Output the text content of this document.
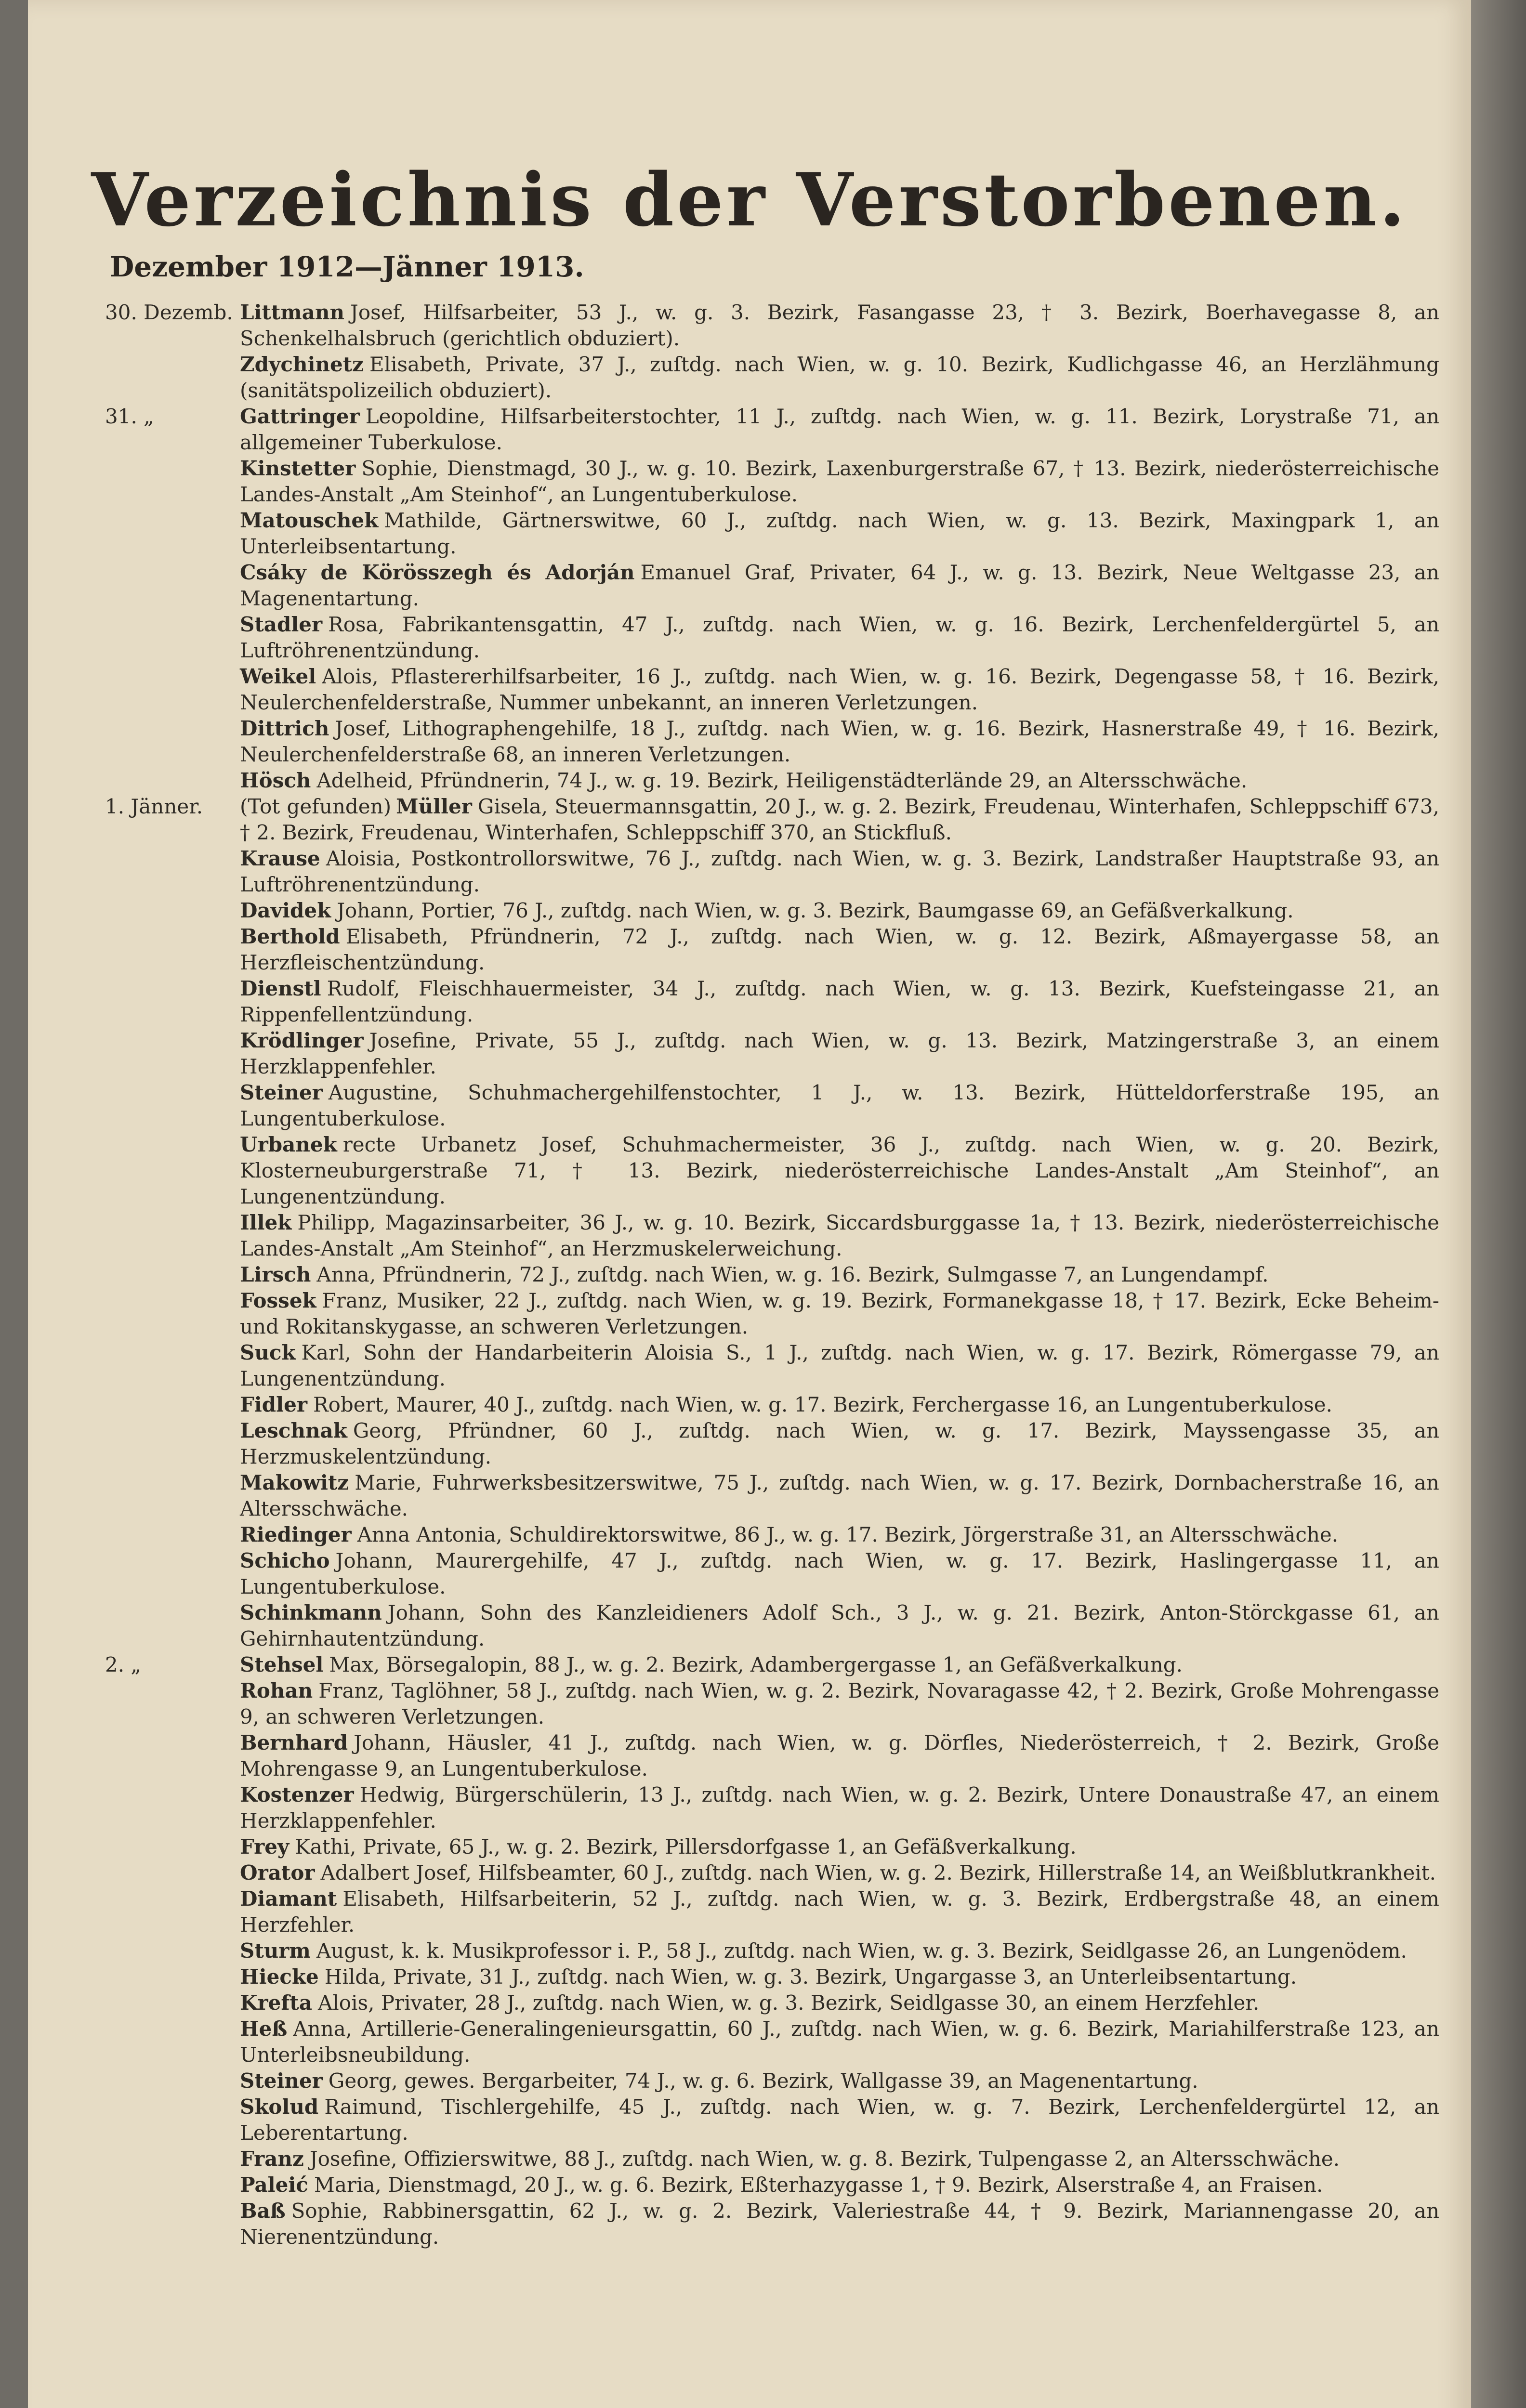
Verzeichnis der Verstorbenen.
Dezember 1912—Jänner 1913.
30. Dezemb. Littmann Josef, Hilfsarbeiter, 53 J., w. g. 3. Bezirk, Fasangasse 23, † 3. Bezirk, Boerhavegasse 8, an Schenkelhalsbruch (gerichtlich obduziert).
Zdychinetz Elisabeth, Private, 37 J., zuſtdg. nach Wien, w. g. 10. Bezirk, Kudlichgasse 46, an Herzlähmung (sanitätspolizeilich obduziert).
31. „	Gattringer Leopoldine, Hilfsarbeiterstochter, 11 J., zuſtdg. nach Wien, w. g. 11. Bezirk, Lorystraße 71, an allgemeiner Tuberkulose.
Kinstetter Sophie, Dienstmagd, 30 J., w. g. 10. Bezirk, Laxenburgerstraße 67, † 13. Bezirk, niederösterreichische Landes-Anstalt „Am Steinhof“, an Lungentuberkulose.
Matouschek Mathilde, Gärtnerswitwe, 60 J., zuſtdg. nach Wien, w. g. 13. Bezirk, Maxingpark 1, an Unterleibsentartung.
Csáky de Körösszegh és Adorján Emanuel Graf, Privater, 64 J., w. g. 13. Bezirk, Neue Weltgasse 23, an Magenentartung.
Stadler Rosa, Fabrikantensgattin, 47 J., zuſtdg. nach Wien, w. g. 16. Bezirk, Lerchenfeldergürtel 5, an Luftröhrenentzündung.
Weikel Alois, Pflastererhilfsarbeiter, 16 J., zuſtdg. nach Wien, w. g. 16. Bezirk, Degengasse 58, † 16. Bezirk, Neulerchenfelderstraße, Nummer unbekannt, an inneren Verletzungen.
Dittrich Josef, Lithographengehilfe, 18 J., zuſtdg. nach Wien, w. g. 16. Bezirk, Hasnerstraße 49, † 16. Bezirk, Neulerchenfelderstraße 68, an inneren Verletzungen.
Hösch Adelheid, Pfründnerin, 74 J., w. g. 19. Bezirk, Heiligenstädterlände 29, an Altersschwäche.
1. Jänner. (Tot gefunden) Müller Gisela, Steuermannsgattin, 20 J., w. g. 2. Bezirk, Freudenau, Winterhafen, Schleppschiff 673, † 2. Bezirk, Freudenau, Winterhafen, Schleppschiff 370, an Stickfluß.
Krause Aloisia, Postkontrollorswitwe, 76 J., zuſtdg. nach Wien, w. g. 3. Bezirk, Landstraßer Hauptstraße 93, an Luftröhrenentzündung.
Davidek Johann, Portier, 76 J., zuſtdg. nach Wien, w. g. 3. Bezirk, Baumgasse 69, an Gefäßverkalkung.
Berthold Elisabeth, Pfründnerin, 72 J., zuſtdg. nach Wien, w. g. 12. Bezirk, Aßmayergasse 58, an Herzfleischentzündung.
Dienstl Rudolf, Fleischhauermeister, 34 J., zuſtdg. nach Wien, w. g. 13. Bezirk, Kuefsteingasse 21, an Rippenfellentzündung.
Krödlinger Josefine, Private, 55 J., zuſtdg. nach Wien, w. g. 13. Bezirk, Matzingerstraße 3, an einem Herzklappenfehler.
Steiner Augustine, Schuhmachergehilfenstochter, 1 J., w. 13. Bezirk, Hütteldorferstraße 195, an Lungentuberkulose.
Urbanek recte Urbanetz Josef, Schuhmachermeister, 36 J., zuſtdg. nach Wien, w. g. 20. Bezirk, Klosterneuburgerstraße 71, † 13. Bezirk, niederösterreichische Landes-Anstalt „Am Steinhof“, an Lungenentzündung.
Illek Philipp, Magazinsarbeiter, 36 J., w. g. 10. Bezirk, Siccardsburggasse 1a, † 13. Bezirk, niederösterreichische Landes-Anstalt „Am Steinhof“, an Herzmuskelerweichung.
Lirsch Anna, Pfründnerin, 72 J., zuſtdg. nach Wien, w. g. 16. Bezirk, Sulmgasse 7, an Lungendampf.
Fossek Franz, Musiker, 22 J., zuſtdg. nach Wien, w. g. 19. Bezirk, Formanekgasse 18, † 17. Bezirk, Ecke Beheim- und Rokitanskygasse, an schweren Verletzungen.
Suck Karl, Sohn der Handarbeiterin Aloisia S., 1 J., zuſtdg. nach Wien, w. g. 17. Bezirk, Römergasse 79, an Lungenentzündung.
Fidler Robert, Maurer, 40 J., zuſtdg. nach Wien, w. g. 17. Bezirk, Ferchergasse 16, an Lungentuberkulose.
Leschnak Georg, Pfründner, 60 J., zuſtdg. nach Wien, w. g. 17. Bezirk, Mayssengasse 35, an Herzmuskelentzündung.
Makowitz Marie, Fuhrwerksbesitzerswitwe, 75 J., zuſtdg. nach Wien, w. g. 17. Bezirk, Dornbacherstraße 16, an Altersschwäche.
Riedinger Anna Antonia, Schuldirektorswitwe, 86 J., w. g. 17. Bezirk, Jörgerstraße 31, an Altersschwäche.
Schicho Johann, Maurergehilfe, 47 J., zuſtdg. nach Wien, w. g. 17. Bezirk, Haslingergasse 11, an Lungentuberkulose.
Schinkmann Johann, Sohn des Kanzleidieners Adolf Sch., 3 J., w. g. 21. Bezirk, Anton-Störckgasse 61, an Gehirnhautentzündung.
2. „	Stehsel Max, Börsegalopin, 88 J., w. g. 2. Bezirk, Adambergergasse 1, an Gefäßverkalkung.
Rohan Franz, Taglöhner, 58 J., zuſtdg. nach Wien, w. g. 2. Bezirk, Novaragasse 42, † 2. Bezirk, Große Mohrengasse 9, an schweren Verletzungen.
Bernhard Johann, Häusler, 41 J., zuſtdg. nach Wien, w. g. Dörfles, Niederösterreich, † 2. Bezirk, Große Mohrengasse 9, an Lungentuberkulose.
Kostenzer Hedwig, Bürgerschülerin, 13 J., zuſtdg. nach Wien, w. g. 2. Bezirk, Untere Donaustraße 47, an einem Herzklappenfehler.
Frey Kathi, Private, 65 J., w. g. 2. Bezirk, Pillersdorfgasse 1, an Gefäßverkalkung.
Orator Adalbert Josef, Hilfsbeamter, 60 J., zuſtdg. nach Wien, w. g. 2. Bezirk, Hillerstraße 14, an Weißblutkrankheit.
Diamant Elisabeth, Hilfsarbeiterin, 52 J., zuſtdg. nach Wien, w. g. 3. Bezirk, Erdbergstraße 48, an einem Herzfehler.
Sturm August, k. k. Musikprofessor i. P., 58 J., zuſtdg. nach Wien, w. g. 3. Bezirk, Seidlgasse 26, an Lungenödem.
Hiecke Hilda, Private, 31 J., zuſtdg. nach Wien, w. g. 3. Bezirk, Ungargasse 3, an Unterleibsentartung.
Krefta Alois, Privater, 28 J., zuſtdg. nach Wien, w. g. 3. Bezirk, Seidlgasse 30, an einem Herzfehler.
Heß Anna, Artillerie-Generalingenieursgattin, 60 J., zuſtdg. nach Wien, w. g. 6. Bezirk, Mariahilferstraße 123, an Unterleibsneubildung.
Steiner Georg, gewes. Bergarbeiter, 74 J., w. g. 6. Bezirk, Wallgasse 39, an Magenentartung.
Skolud Raimund, Tischlergehilfe, 45 J., zuſtdg. nach Wien, w. g. 7. Bezirk, Lerchenfeldergürtel 12, an Leberentartung.
Franz Josefine, Offizierswitwe, 88 J., zuſtdg. nach Wien, w. g. 8. Bezirk, Tulpengasse 2, an Altersschwäche.
Paleić Maria, Dienstmagd, 20 J., w. g. 6. Bezirk, Eßterhazygasse 1, † 9. Bezirk, Alserstraße 4, an Fraisen.
Baß Sophie, Rabbinersgattin, 62 J., w. g. 2. Bezirk, Valeriestraße 44, † 9. Bezirk, Mariannengasse 20, an Nierenentzündung.
